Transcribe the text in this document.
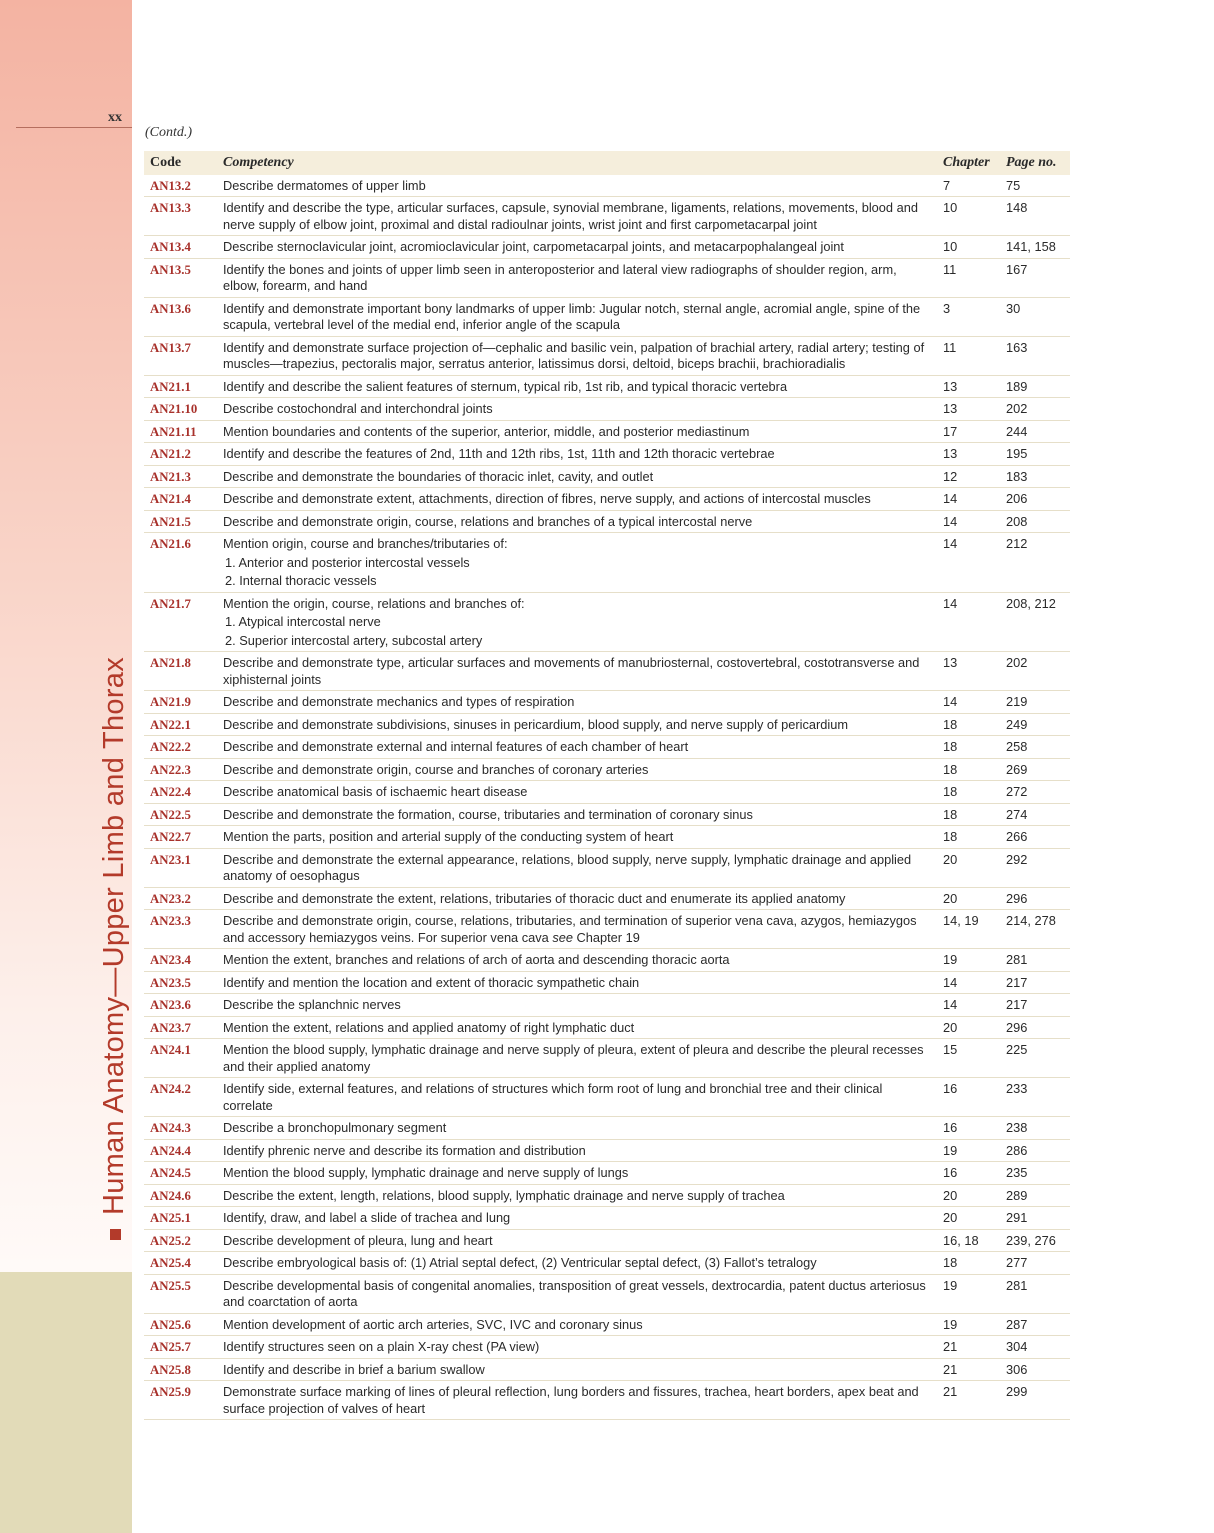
xx
Human Anatomy—Upper Limb and Thorax
(Contd.)
Code	Competency	Chapter	Page no.
AN13.2	Describe dermatomes of upper limb	7	75
AN13.3	Identify and describe the type, articular surfaces, capsule, synovial membrane, ligaments, relations, movements, blood and nerve supply of elbow joint, proximal and distal radioulnar joints, wrist joint and first carpometacarpal joint	10	148
AN13.4	Describe sternoclavicular joint, acromioclavicular joint, carpometacarpal joints, and metacarpophalangeal joint	10	141, 158
AN13.5	Identify the bones and joints of upper limb seen in anteroposterior and lateral view radiographs of shoulder region, arm, elbow, forearm, and hand	11	167
AN13.6	Identify and demonstrate important bony landmarks of upper limb: Jugular notch, sternal angle, acromial angle, spine of the scapula, vertebral level of the medial end, inferior angle of the scapula	3	30
AN13.7	Identify and demonstrate surface projection of—cephalic and basilic vein, palpation of brachial artery, radial artery; testing of muscles—trapezius, pectoralis major, serratus anterior, latissimus dorsi, deltoid, biceps brachii, brachioradialis	11	163
AN21.1	Identify and describe the salient features of sternum, typical rib, 1st rib, and typical thoracic vertebra	13	189
AN21.10	Describe costochondral and interchondral joints	13	202
AN21.11	Mention boundaries and contents of the superior, anterior, middle, and posterior mediastinum	17	244
AN21.2	Identify and describe the features of 2nd, 11th and 12th ribs, 1st, 11th and 12th thoracic vertebrae	13	195
AN21.3	Describe and demonstrate the boundaries of thoracic inlet, cavity, and outlet	12	183
AN21.4	Describe and demonstrate extent, attachments, direction of fibres, nerve supply, and actions of intercostal muscles	14	206
AN21.5	Describe and demonstrate origin, course, relations and branches of a typical intercostal nerve	14	208
AN21.6	Mention origin, course and branches/tributaries of:
1. Anterior and posterior intercostal vessels
2. Internal thoracic vessels	14	212
AN21.7	Mention the origin, course, relations and branches of:
1. Atypical intercostal nerve
2. Superior intercostal artery, subcostal artery	14	208, 212
AN21.8	Describe and demonstrate type, articular surfaces and movements of manubriosternal, costovertebral, costotransverse and xiphisternal joints	13	202
AN21.9	Describe and demonstrate mechanics and types of respiration	14	219
AN22.1	Describe and demonstrate subdivisions, sinuses in pericardium, blood supply, and nerve supply of pericardium	18	249
AN22.2	Describe and demonstrate external and internal features of each chamber of heart	18	258
AN22.3	Describe and demonstrate origin, course and branches of coronary arteries	18	269
AN22.4	Describe anatomical basis of ischaemic heart disease	18	272
AN22.5	Describe and demonstrate the formation, course, tributaries and termination of coronary sinus	18	274
AN22.7	Mention the parts, position and arterial supply of the conducting system of heart	18	266
AN23.1	Describe and demonstrate the external appearance, relations, blood supply, nerve supply, lymphatic drainage and applied anatomy of oesophagus	20	292
AN23.2	Describe and demonstrate the extent, relations, tributaries of thoracic duct and enumerate its applied anatomy	20	296
AN23.3	Describe and demonstrate origin, course, relations, tributaries, and termination of superior vena cava, azygos, hemiazygos and accessory hemiazygos veins. For superior vena cava see Chapter 19	14, 19	214, 278
AN23.4	Mention the extent, branches and relations of arch of aorta and descending thoracic aorta	19	281
AN23.5	Identify and mention the location and extent of thoracic sympathetic chain	14	217
AN23.6	Describe the splanchnic nerves	14	217
AN23.7	Mention the extent, relations and applied anatomy of right lymphatic duct	20	296
AN24.1	Mention the blood supply, lymphatic drainage and nerve supply of pleura, extent of pleura and describe the pleural recesses and their applied anatomy	15	225
AN24.2	Identify side, external features, and relations of structures which form root of lung and bronchial tree and their clinical correlate	16	233
AN24.3	Describe a bronchopulmonary segment	16	238
AN24.4	Identify phrenic nerve and describe its formation and distribution	19	286
AN24.5	Mention the blood supply, lymphatic drainage and nerve supply of lungs	16	235
AN24.6	Describe the extent, length, relations, blood supply, lymphatic drainage and nerve supply of trachea	20	289
AN25.1	Identify, draw, and label a slide of trachea and lung	20	291
AN25.2	Describe development of pleura, lung and heart	16, 18	239, 276
AN25.4	Describe embryological basis of: (1) Atrial septal defect, (2) Ventricular septal defect, (3) Fallot’s tetralogy	18	277
AN25.5	Describe developmental basis of congenital anomalies, transposition of great vessels, dextrocardia, patent ductus arteriosus and coarctation of aorta	19	281
AN25.6	Mention development of aortic arch arteries, SVC, IVC and coronary sinus	19	287
AN25.7	Identify structures seen on a plain X-ray chest (PA view)	21	304
AN25.8	Identify and describe in brief a barium swallow	21	306
AN25.9	Demonstrate surface marking of lines of pleural reflection, lung borders and fissures, trachea, heart borders, apex beat and surface projection of valves of heart	21	299
